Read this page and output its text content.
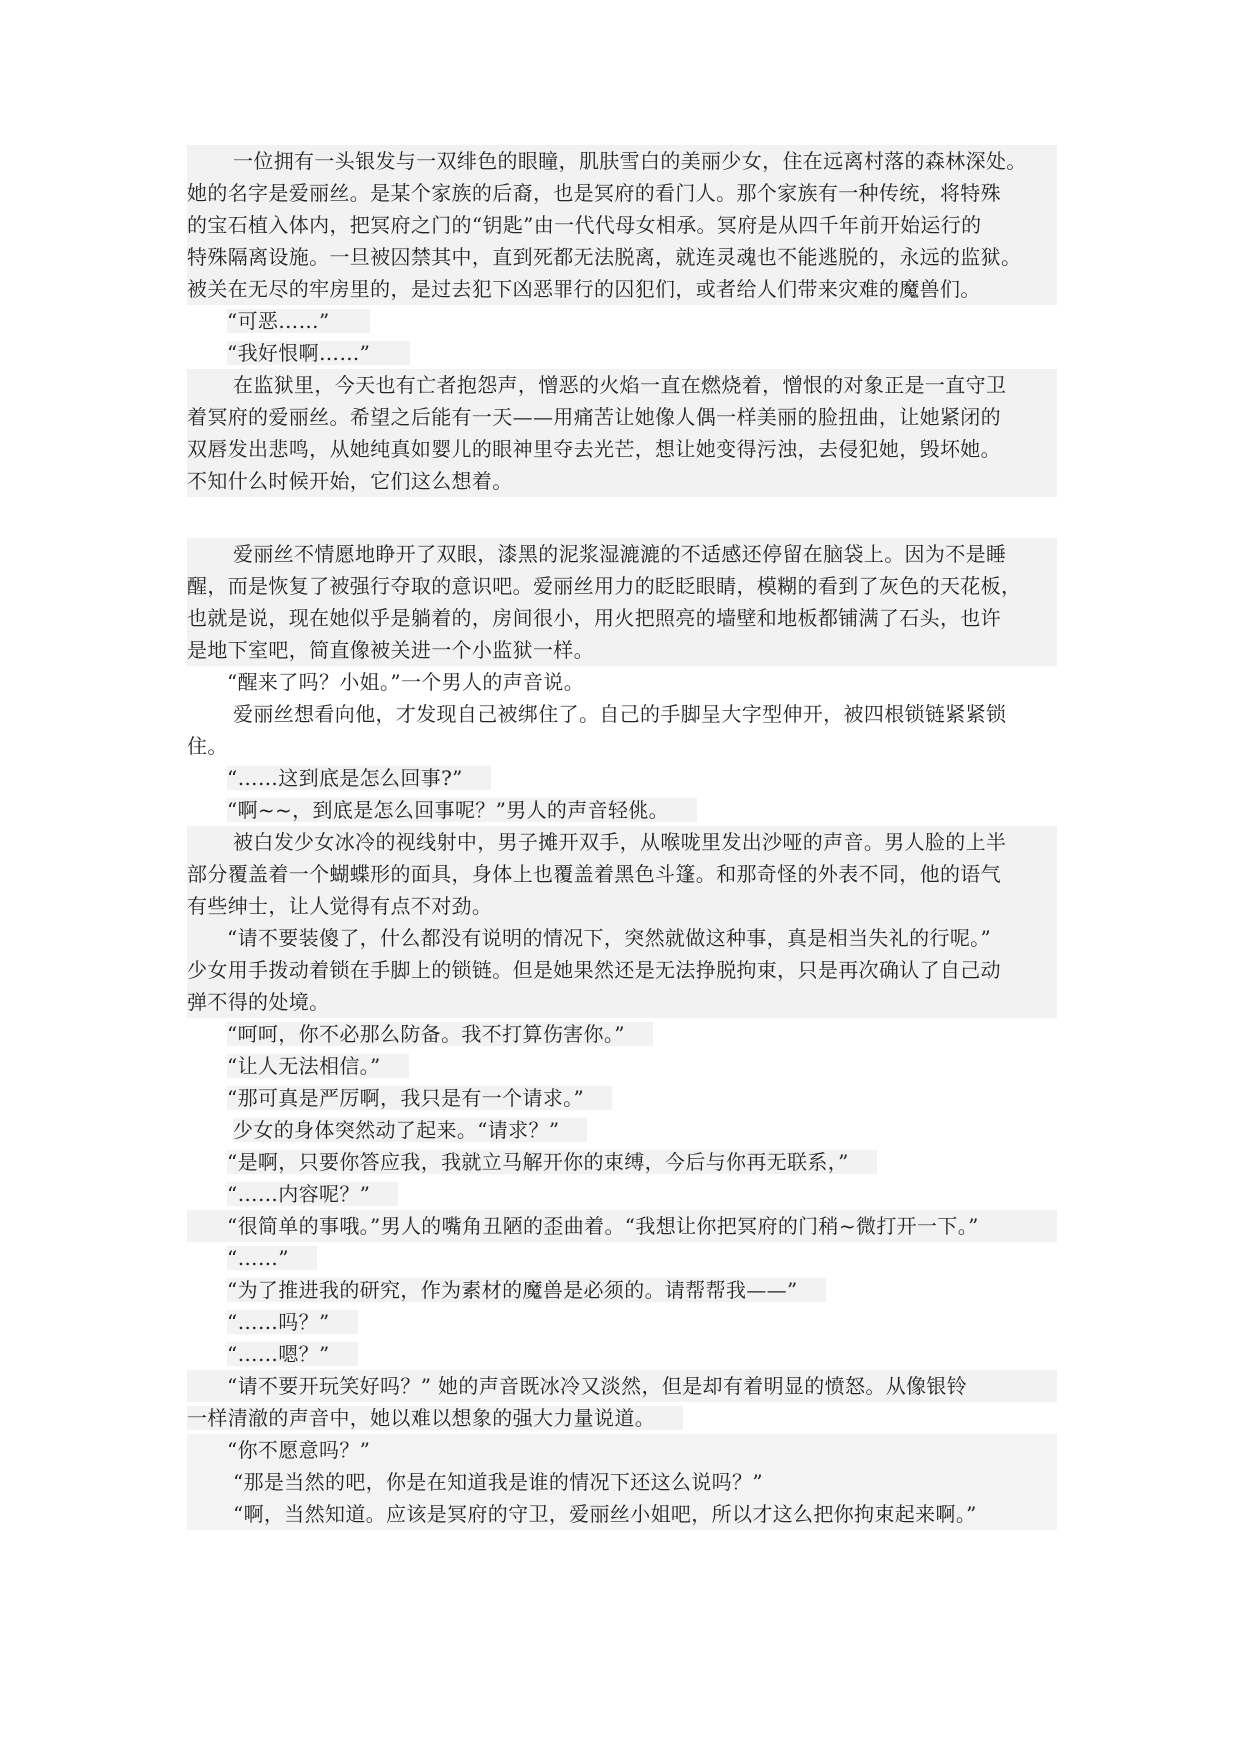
一位拥有一头银发与一双绯色的眼瞳，肌肤雪白的美丽少女，住在远离村落的森林深处。
她的名字是爱丽丝。是某个家族的后裔，也是冥府的看门人。那个家族有一种传统，将特殊
的宝石植入体内，把冥府之门的“钥匙”由一代代母女相承。冥府是从四千年前开始运行的
特殊隔离设施。一旦被囚禁其中，直到死都无法脱离，就连灵魂也不能逃脱的，永远的监狱。
被关在无尽的牢房里的，是过去犯下凶恶罪行的囚犯们，或者给人们带来灾难的魔兽们。
“可恶……”
“我好恨啊……”
在监狱里，今天也有亡者抱怨声，憎恶的火焰一直在燃烧着，憎恨的对象正是一直守卫
着冥府的爱丽丝。希望之后能有一天——用痛苦让她像人偶一样美丽的脸扭曲，让她紧闭的
双唇发出悲鸣，从她纯真如婴儿的眼神里夺去光芒，想让她变得污浊，去侵犯她，毁坏她。
不知什么时候开始，它们这么想着。
爱丽丝不情愿地睁开了双眼，漆黑的泥浆湿漉漉的不适感还停留在脑袋上。因为不是睡
醒，而是恢复了被强行夺取的意识吧。爱丽丝用力的眨眨眼睛，模糊的看到了灰色的天花板，
也就是说，现在她似乎是躺着的，房间很小，用火把照亮的墙壁和地板都铺满了石头，也许
是地下室吧，简直像被关进一个小监狱一样。
“醒来了吗？小姐。”一个男人的声音说。
爱丽丝想看向他，才发现自己被绑住了。自己的手脚呈大字型伸开，被四根锁链紧紧锁
住。
“……这到底是怎么回事?”
“啊~~，到底是怎么回事呢？”男人的声音轻佻。
被白发少女冰冷的视线射中，男子摊开双手，从喉咙里发出沙哑的声音。男人脸的上半
部分覆盖着一个蝴蝶形的面具，身体上也覆盖着黑色斗篷。和那奇怪的外表不同，他的语气
有些绅士，让人觉得有点不对劲。
“请不要装傻了，什么都没有说明的情况下，突然就做这种事，真是相当失礼的行呢。”
少女用手拨动着锁在手脚上的锁链。但是她果然还是无法挣脱拘束，只是再次确认了自己动
弹不得的处境。
“呵呵，你不必那么防备。我不打算伤害你。”
“让人无法相信。”
“那可真是严厉啊，我只是有一个请求。”
少女的身体突然动了起来。“请求？”
“是啊，只要你答应我，我就立马解开你的束缚，今后与你再无联系，”
“……内容呢？”
“很简单的事哦。”男人的嘴角丑陋的歪曲着。“我想让你把冥府的门稍~微打开一下。”
“……”
“为了推进我的研究，作为素材的魔兽是必须的。请帮帮我——”
“……吗？”
“……嗯？”
“请不要开玩笑好吗？” 她的声音既冰冷又淡然，但是却有着明显的愤怒。从像银铃
一样清澈的声音中，她以难以想象的强大力量说道。
“你不愿意吗？”
“那是当然的吧，你是在知道我是谁的情况下还这么说吗？”
“啊，当然知道。应该是冥府的守卫，爱丽丝小姐吧，所以才这么把你拘束起来啊。”
